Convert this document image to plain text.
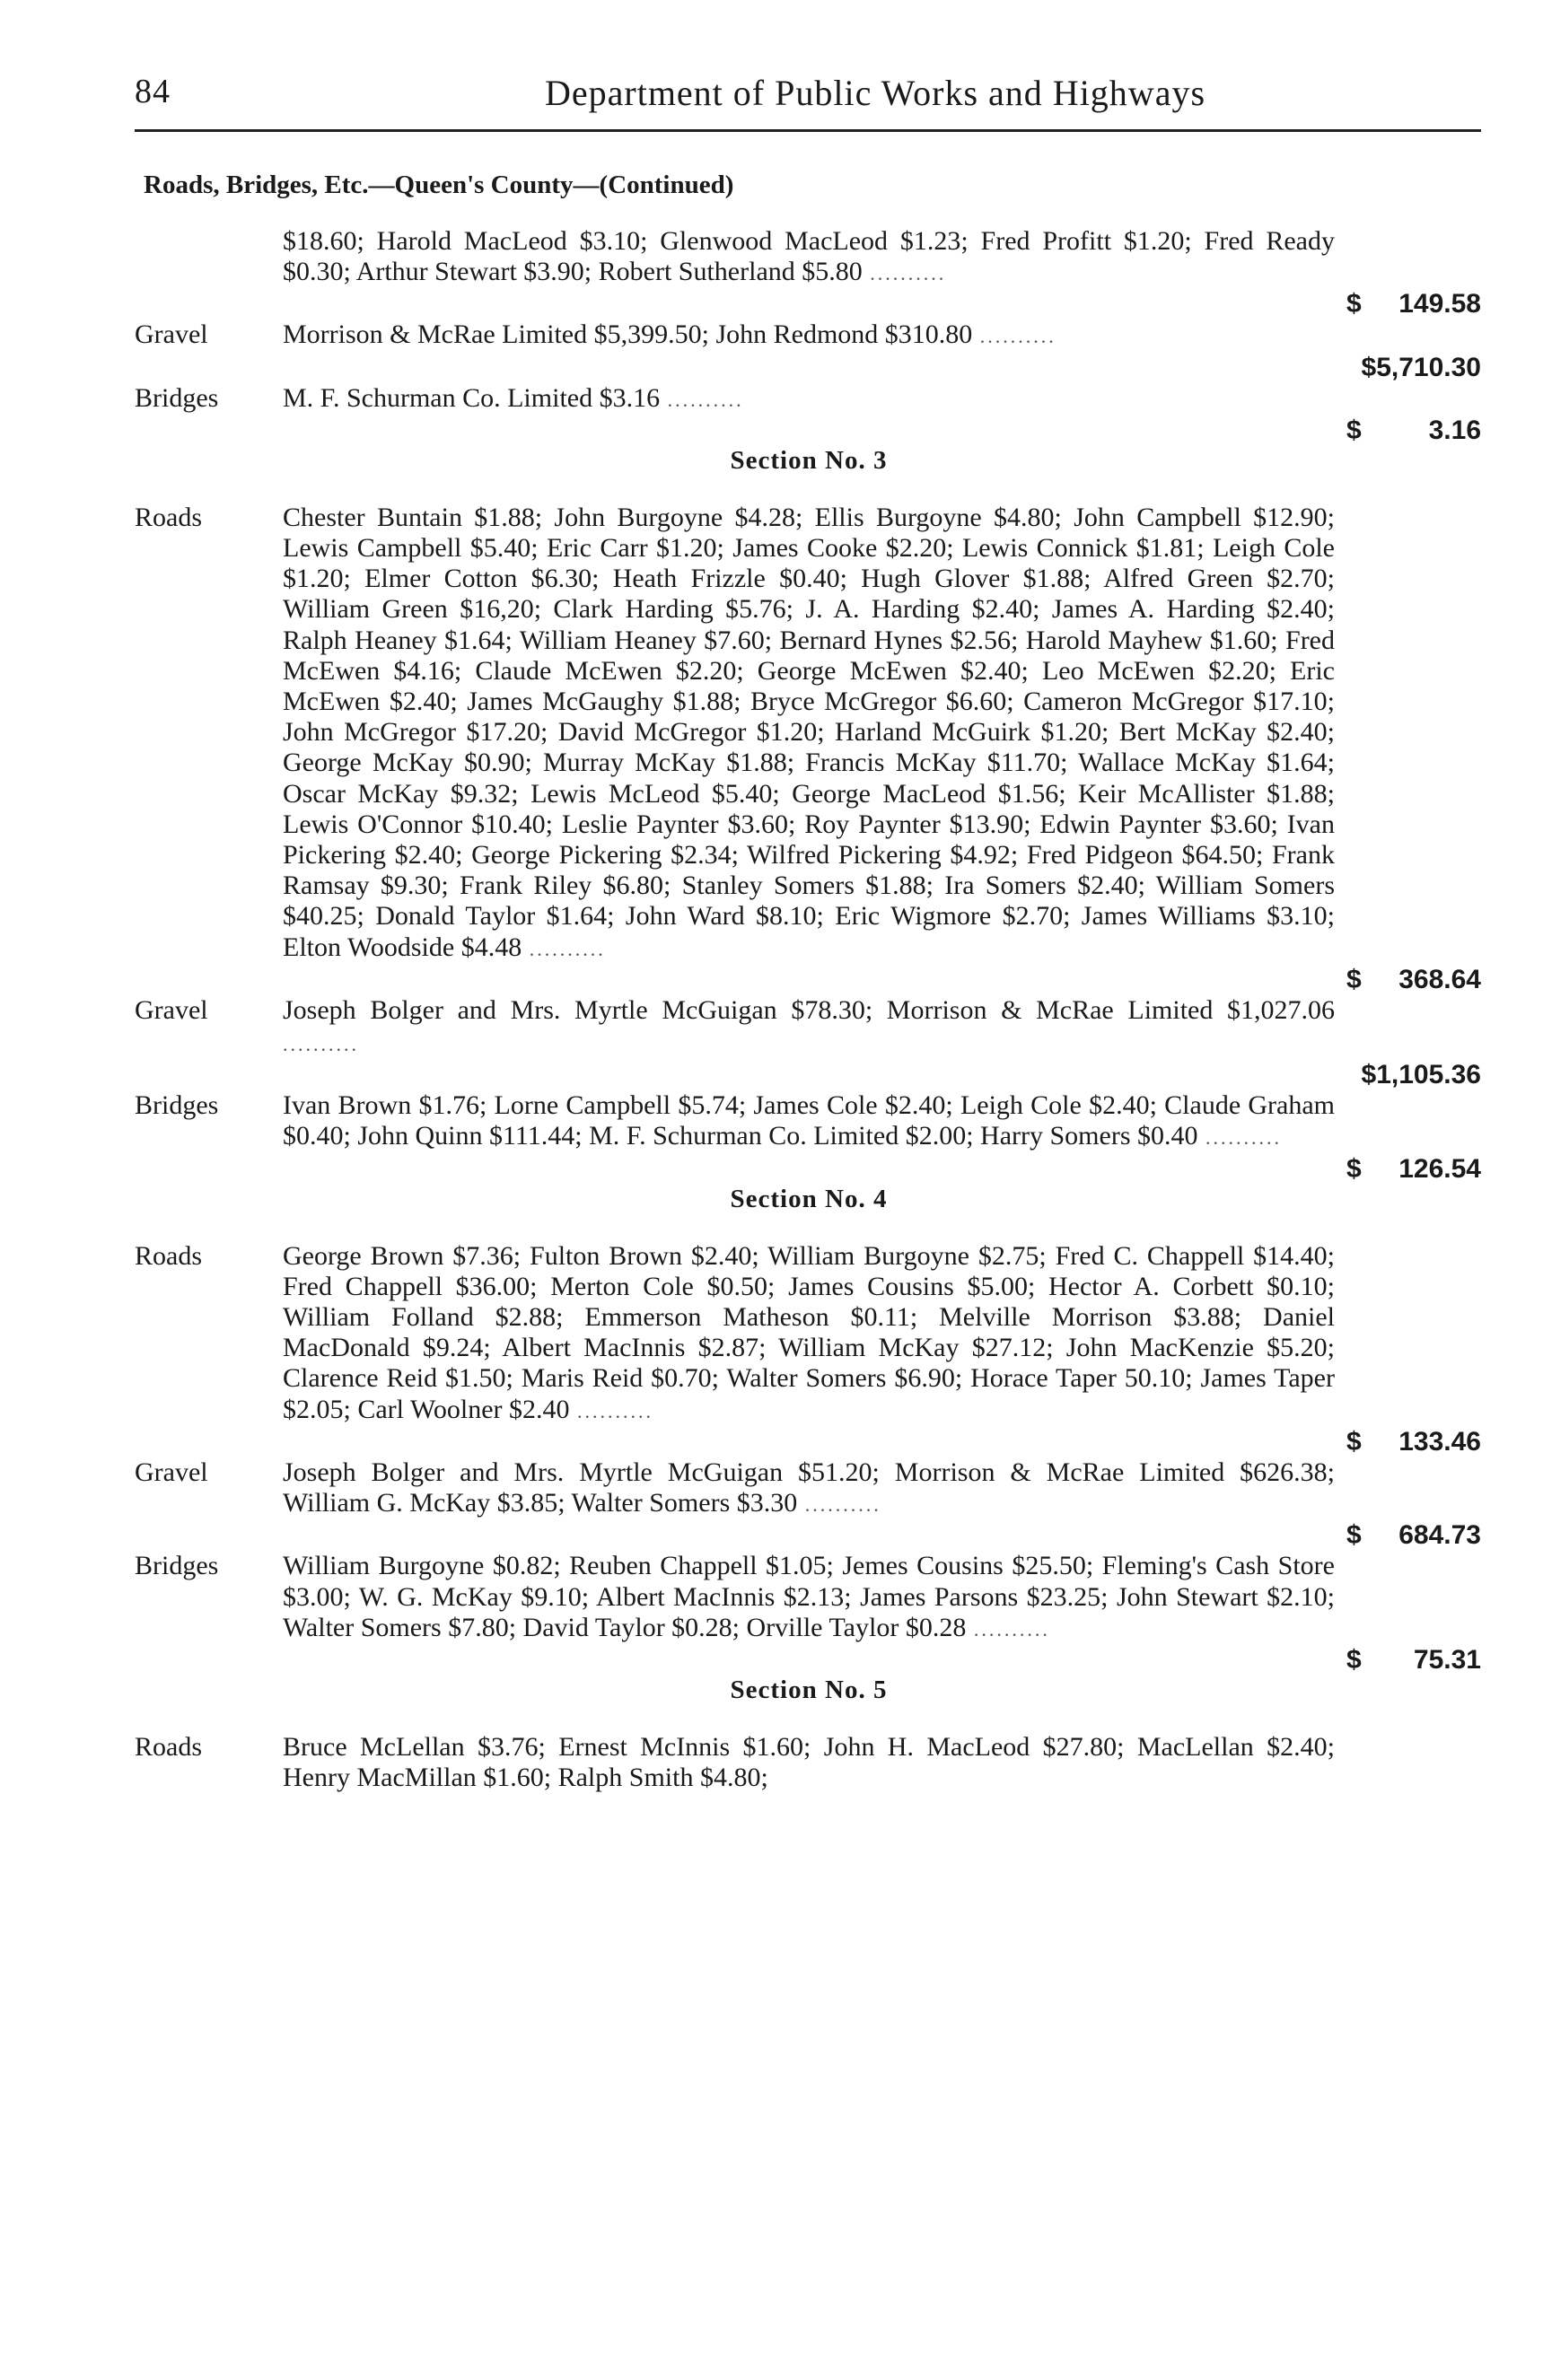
84	Department of Public Works and Highways
Roads, Bridges, Etc.—Queen's County—(Continued)
$18.60; Harold MacLeod $3.10; Glenwood MacLeod $1.23; Fred Profitt $1.20; Fred Ready $0.30; Arthur Stewart $3.90; Robert Sutherland $5.80 ..........
$ 149.58
Gravel	Morrison & McRae Limited $5,399.50; John Redmond $310.80 ..........
$5,710.30
Bridges	M. F. Schurman Co. Limited $3.16 ..........
$ 3.16
Section No. 3
Roads	Chester Buntain $1.88; John Burgoyne $4.28; Ellis Burgoyne $4.80; John Campbell $12.90; Lewis Campbell $5.40; Eric Carr $1.20; James Cooke $2.20; Lewis Connick $1.81; Leigh Cole $1.20; Elmer Cotton $6.30; Heath Frizzle $0.40; Hugh Glover $1.88; Alfred Green $2.70; William Green $16,20; Clark Harding $5.76; J. A. Harding $2.40; James A. Harding $2.40; Ralph Heaney $1.64; William Heaney $7.60; Bernard Hynes $2.56; Harold Mayhew $1.60; Fred McEwen $4.16; Claude McEwen $2.20; George McEwen $2.40; Leo McEwen $2.20; Eric McEwen $2.40; James McGaughy $1.88; Bryce McGregor $6.60; Cameron McGregor $17.10; John McGregor $17.20; David McGregor $1.20; Harland McGuirk $1.20; Bert McKay $2.40; George McKay $0.90; Murray McKay $1.88; Francis McKay $11.70; Wallace McKay $1.64; Oscar McKay $9.32; Lewis McLeod $5.40; George MacLeod $1.56; Keir McAllister $1.88; Lewis O'Connor $10.40; Leslie Paynter $3.60; Roy Paynter $13.90; Edwin Paynter $3.60; Ivan Pickering $2.40; George Pickering $2.34; Wilfred Pickering $4.92; Fred Pidgeon $64.50; Frank Ramsay $9.30; Frank Riley $6.80; Stanley Somers $1.88; Ira Somers $2.40; William Somers $40.25; Donald Taylor $1.64; John Ward $8.10; Eric Wigmore $2.70; James Williams $3.10; Elton Woodside $4.48 ..........
$ 368.64
Gravel	Joseph Bolger and Mrs. Myrtle McGuigan $78.30; Morrison & McRae Limited $1,027.06 ..........
$1,105.36
Bridges	Ivan Brown $1.76; Lorne Campbell $5.74; James Cole $2.40; Leigh Cole $2.40; Claude Graham $0.40; John Quinn $111.44; M. F. Schurman Co. Limited $2.00; Harry Somers $0.40 ..........
$ 126.54
Section No. 4
Roads	George Brown $7.36; Fulton Brown $2.40; William Burgoyne $2.75; Fred C. Chappell $14.40; Fred Chappell $36.00; Merton Cole $0.50; James Cousins $5.00; Hector A. Corbett $0.10; William Folland $2.88; Emmerson Matheson $0.11; Melville Morrison $3.88; Daniel MacDonald $9.24; Albert MacInnis $2.87; William McKay $27.12; John MacKenzie $5.20; Clarence Reid $1.50; Maris Reid $0.70; Walter Somers $6.90; Horace Taper 50.10; James Taper $2.05; Carl Woolner $2.40 ..........
$ 133.46
Gravel	Joseph Bolger and Mrs. Myrtle McGuigan $51.20; Morrison & McRae Limited $626.38; William G. McKay $3.85; Walter Somers $3.30 ..........
$ 684.73
Bridges	William Burgoyne $0.82; Reuben Chappell $1.05; Jemes Cousins $25.50; Fleming's Cash Store $3.00; W. G. McKay $9.10; Albert MacInnis $2.13; James Parsons $23.25; John Stewart $2.10; Walter Somers $7.80; David Taylor $0.28; Orville Taylor $0.28 ..........
$ 75.31
Section No. 5
Roads	Bruce McLellan $3.76; Ernest McInnis $1.60; John H. MacLeod $27.80; MacLellan $2.40; Henry MacMillan $1.60; Ralph Smith $4.80;
